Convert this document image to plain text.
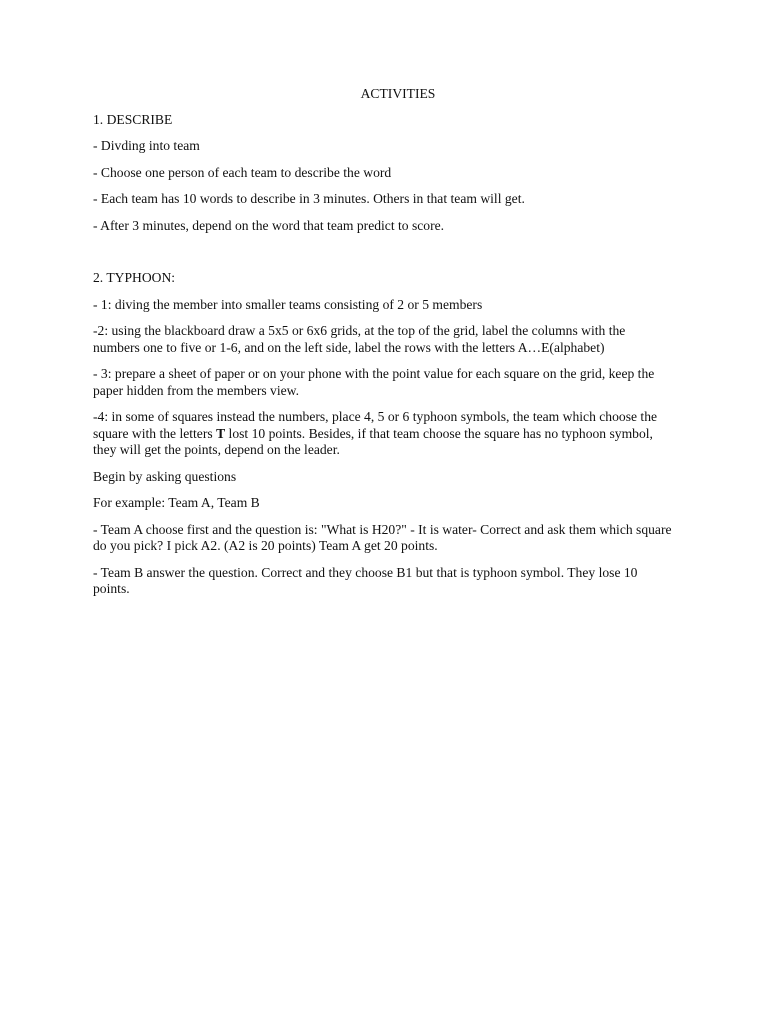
ACTIVITIES
1. DESCRIBE

- Divding into team

- Choose one person of each team to describe the word

- Each team has 10 words to describe in 3 minutes. Others in that team will get.

- After 3 minutes, depend on the word that team predict to score.

2. TYPHOON:

- 1: diving the member into smaller teams consisting of 2 or 5 members

-2: using the blackboard draw a 5x5 or 6x6 grids, at the top of the grid, label the columns with the numbers one to five or 1-6, and on the left side, label the rows with the letters A…E(alphabet)

- 3: prepare a sheet of paper or on your phone with the point value for each square on the grid, keep the paper hidden from the members view.

-4: in some of squares instead the numbers, place 4, 5 or 6 typhoon symbols, the team which choose the square with the letters T lost 10 points. Besides, if that team choose the square has no typhoon symbol, they will get the points, depend on the leader.

Begin by asking questions

For example: Team A, Team B

- Team A choose first and the question is: "What is H20?" - It is water- Correct and ask them which square do you pick? I pick A2. (A2 is 20 points) Team A get 20 points.

- Team B answer the question. Correct and they choose B1 but that is typhoon symbol. They lose 10 points.
